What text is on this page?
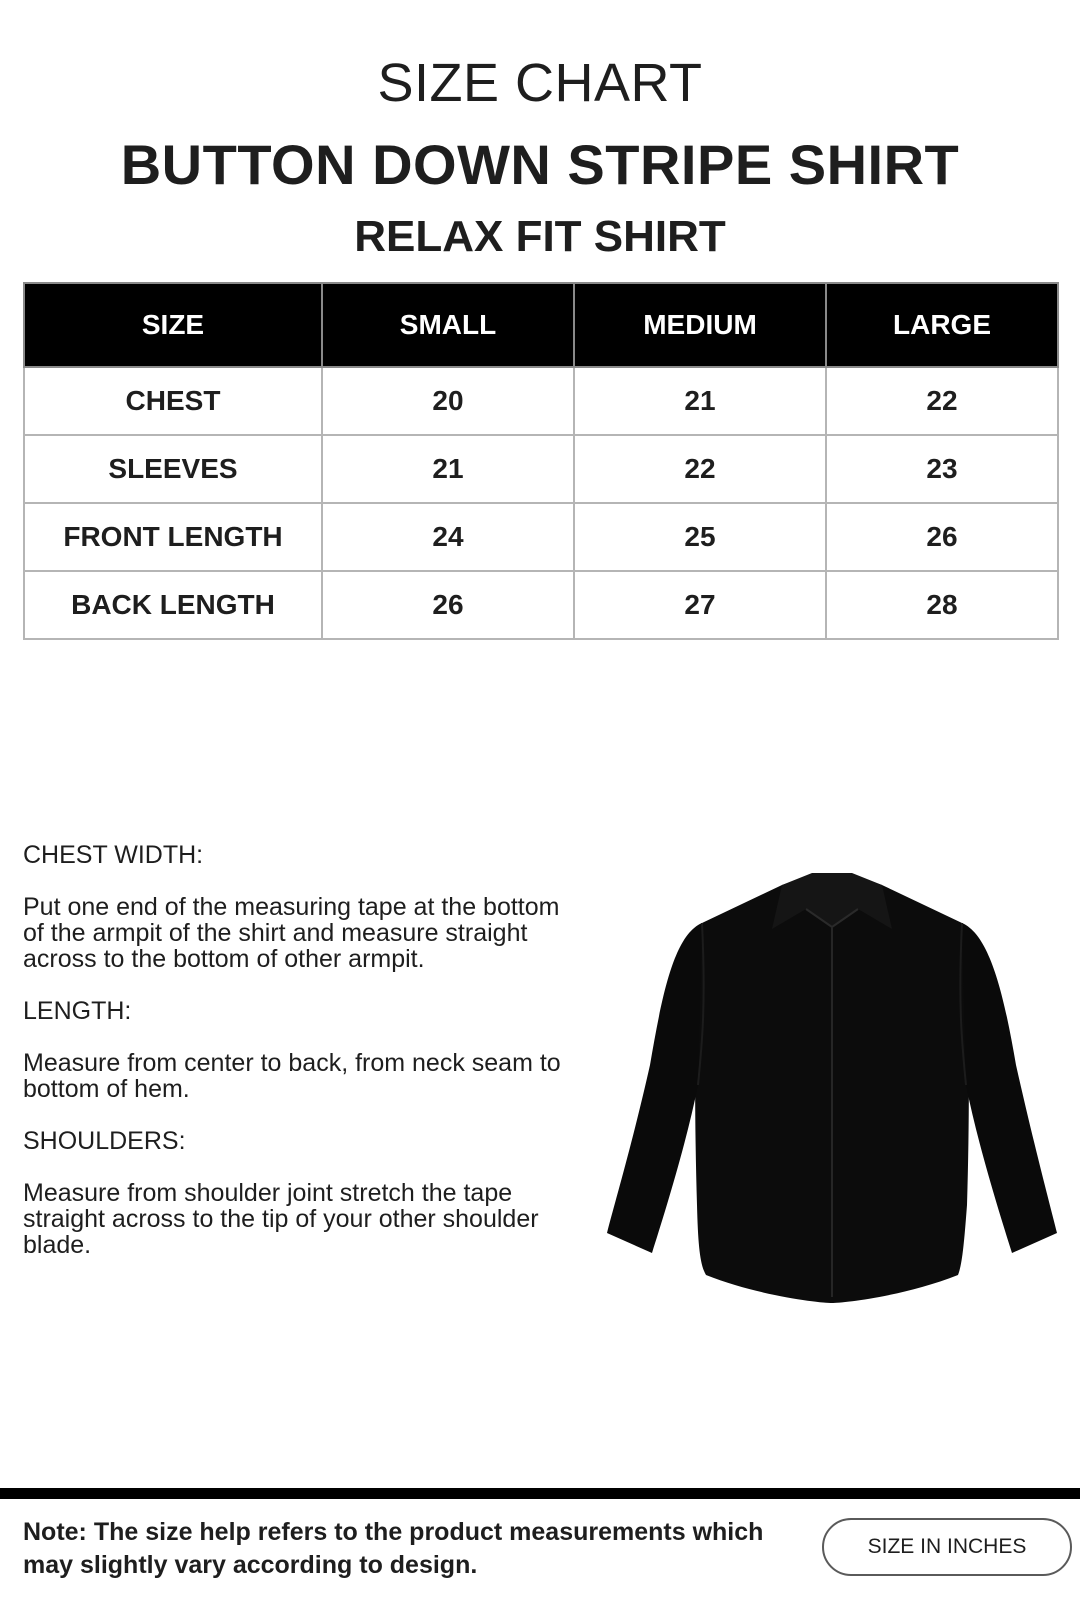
SIZE CHART
BUTTON DOWN STRIPE SHIRT
RELAX FIT SHIRT
SIZE	SMALL	MEDIUM	LARGE
CHEST	20	21	22
SLEEVES	21	22	23
FRONT LENGTH	24	25	26
BACK LENGTH	26	27	28
CHEST WIDTH:
Put one end of the measuring tape at the bottom of the armpit of the shirt and measure straight across to the bottom of other armpit.
LENGTH:
Measure from center to back, from neck seam to bottom of hem.
SHOULDERS:
Measure from shoulder joint stretch the tape straight across to the tip of your other shoulder blade.
Note: The size help refers to the product measurements which may slightly vary according to design.
SIZE IN INCHES
